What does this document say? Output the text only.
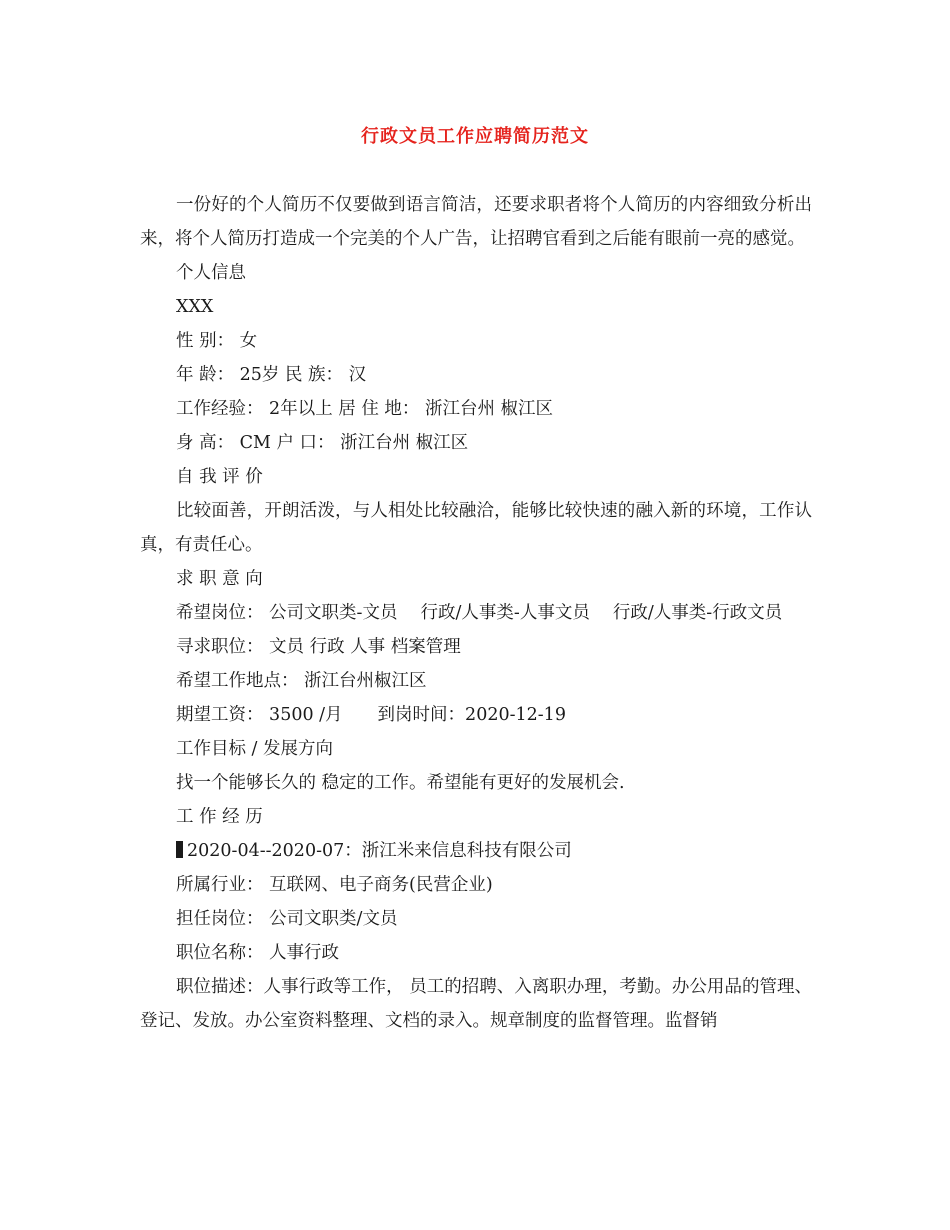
行政文员工作应聘简历范文

一份好的个人简历不仅要做到语言简洁，还要求职者将个人简历的内容细致分析出来，将个人简历打造成一个完美的个人广告，让招聘官看到之后能有眼前一亮的感觉。

个人信息

XXX

性 别： 女

年 龄： 25岁 民 族： 汉

工作经验： 2年以上 居 住 地： 浙江台州 椒江区

身 高： CM 户 口： 浙江台州 椒江区

自 我 评 价

比较面善，开朗活泼，与人相处比较融洽，能够比较快速的融入新的环境，工作认真，有责任心。

求 职 意 向

希望岗位： 公司文职类-文员　 行政/人事类-人事文员　 行政/人事类-行政文员

寻求职位： 文员 行政 人事 档案管理

希望工作地点： 浙江台州椒江区

期望工资： 3500 /月　　到岗时间：2020-12-19

工作目标 / 发展方向

找一个能够长久的 稳定的工作。希望能有更好的发展机会.

工 作 经 历

2020-04--2020-07：浙江米来信息科技有限公司

所属行业： 互联网、电子商务(民营企业)

担任岗位： 公司文职类/文员

职位名称： 人事行政

职位描述：人事行政等工作， 员工的招聘、入离职办理，考勤。办公用品的管理、登记、发放。办公室资料整理、文档的录入。规章制度的监督管理。监督销
